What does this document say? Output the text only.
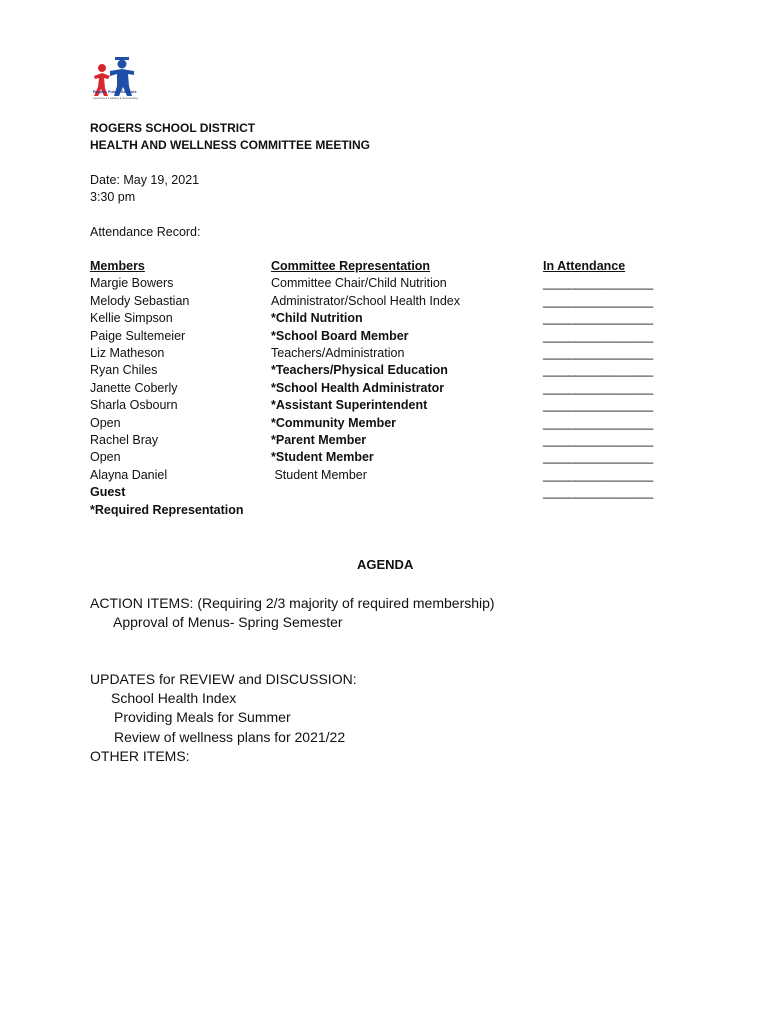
Rogers Public Schools
Learning ● Leading ● Succeeding
ROGERS SCHOOL DISTRICT
HEALTH AND WELLNESS COMMITTEE MEETING
Date: May 19, 2021
3:30 pm
Attendance Record:
Members
Margie Bowers
Melody Sebastian
Kellie Simpson
Paige Sultemeier
Liz Matheson
Ryan Chiles
Janette Coberly
Sharla Osbourn
Open
Rachel Bray
Open
Alayna Daniel
Guest
*Required Representation
Committee Representation
Committee Chair/Child Nutrition
Administrator/School Health Index
*Child Nutrition
*School Board Member
Teachers/Administration
*Teachers/Physical Education
*School Health Administrator
*Assistant Superintendent
*Community Member
*Parent Member
*Student Member
Student Member
In Attendance
_________________
_________________
_________________
_________________
_________________
_________________
_________________
_________________
_________________
_________________
_________________
_________________
_________________
AGENDA
ACTION ITEMS: (Requiring 2/3 majority of required membership)
Approval of Menus- Spring Semester
UPDATES for REVIEW and DISCUSSION:
School Health Index
Providing Meals for Summer
Review of wellness plans for 2021/22
OTHER ITEMS:
